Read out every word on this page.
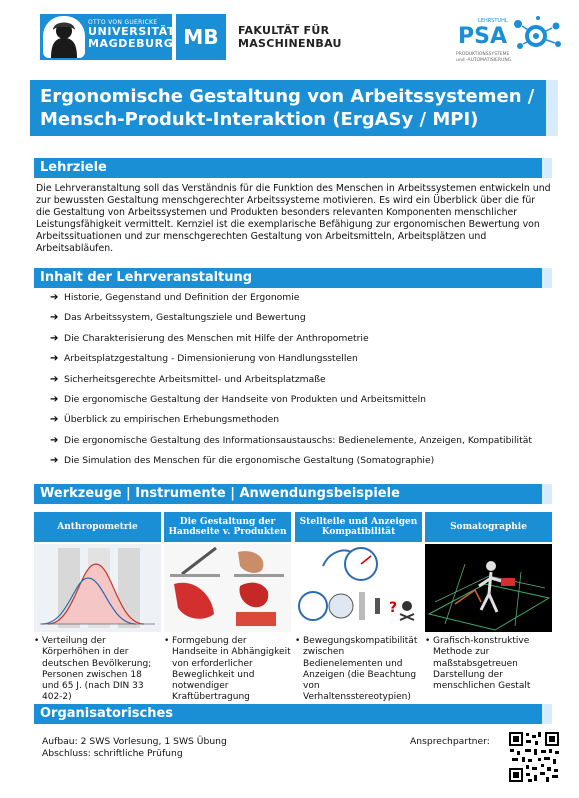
OTTO VON GUERICKE
UNIVERSITÄT
MAGDEBURG MB	FAKULTÄT FÜR
MASCHINENBAU
LEHRSTUHL
PSA
PRODUKTIONSSYSTEME
und -AUTOMATISIERUNG
Ergonomische Gestaltung von Arbeitssystemen /
Mensch-Produkt-Interaktion (ErgASy / MPI)
Lehrziele

Die Lehrveranstaltung soll das Verständnis für die Funktion des Menschen in Arbeitssystemen entwickeln und zur bewussten Gestaltung menschgerechter Arbeitssysteme motivieren. Es wird ein Überblick über die für die Gestaltung von Arbeitssystemen und Produkten besonders relevanten Komponenten menschlicher Leistungsfähigkeit vermittelt. Kernziel ist die exemplarische Befähigung zur ergonomischen Bewertung von Arbeitssituationen und zur menschgerechten Gestaltung von Arbeitsmitteln, Arbeitsplätzen und Arbeitsabläufen.

Inhalt der Lehrveranstaltung
➔ Historie, Gegenstand und Definition der Ergonomie
➔ Das Arbeitssystem, Gestaltungsziele und Bewertung
➔ Die Charakterisierung des Menschen mit Hilfe der Anthropometrie
➔ Arbeitsplatzgestaltung - Dimensionierung von Handlungsstellen
➔ Sicherheitsgerechte Arbeitsmittel- und Arbeitsplatzmaße
➔ Die ergonomische Gestaltung der Handseite von Produkten und Arbeitsmitteln
➔ Überblick zu empirischen Erhebungsmethoden
➔ Die ergonomische Gestaltung des Informationsaustauschs: Bedienelemente, Anzeigen, Kompatibilität
➔ Die Simulation des Menschen für die ergonomische Gestaltung (Somatographie)
Werkzeuge | Instrumente | Anwendungsbeispiele
Anthropometrie	Die Gestaltung der Handseite v. Produkten
Stellteile und Anzeigen Kompatibilität
?
Somatographie
• Verteilung der Körperhöhen in der deutschen Bevölkerung; Personen zwischen 18 und 65 J. (nach DIN 33 402-2)
• Formgebung der Handseite in Abhängigkeit von erforderlicher Beweglichkeit und notwendiger Kraftübertragung
• Bewegungskompatibilität zwischen Bedienelementen und Anzeigen (die Beachtung von Verhaltensstereotypien)
• Grafisch-konstruktive Methode zur maßstabsgetreuen Darstellung der menschlichen Gestalt
Organisatorisches
Aufbau: 2 SWS Vorlesung, 1 SWS Übung
Abschluss: schriftliche Prüfung
Ansprechpartner:
